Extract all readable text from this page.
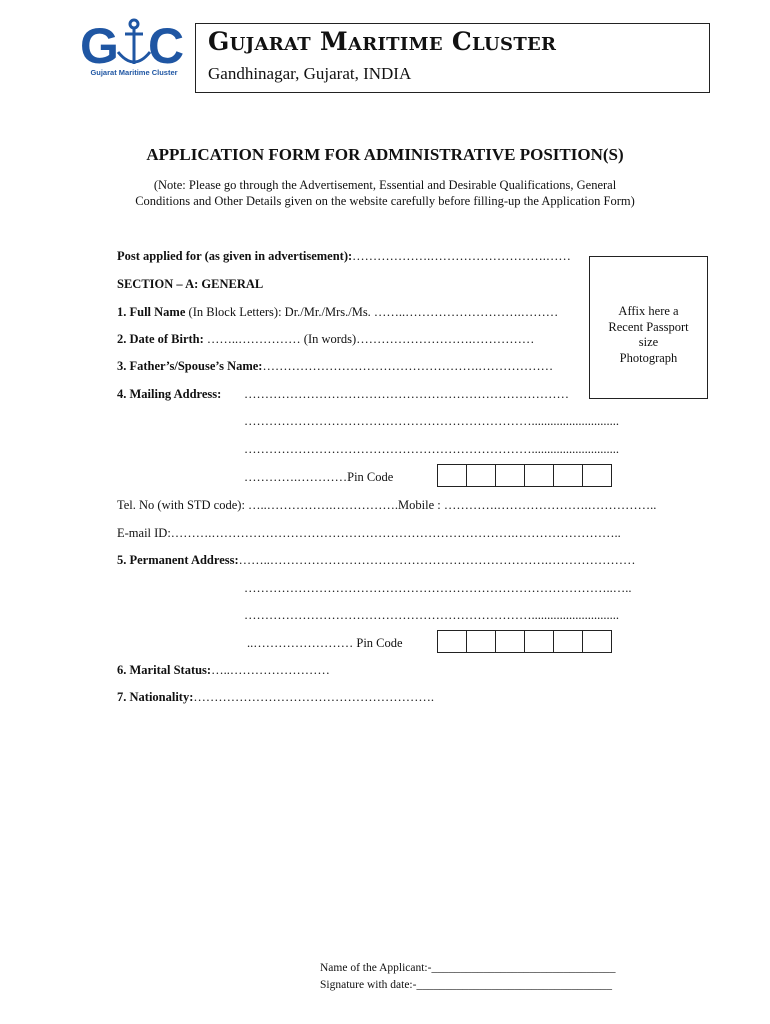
G C
Gujarat Maritime Cluster
Gujarat Maritime Cluster
Gandhinagar, Gujarat, INDIA
APPLICATION FORM FOR ADMINISTRATIVE POSITION(S)
(Note: Please go through the Advertisement, Essential and Desirable Qualifications, General
Conditions and Other Details given on the website carefully before filling-up the Application Form)
Post applied for (as given in advertisement):……………….……………………….……
SECTION – A: GENERAL
Affix here a
Recent Passport
size
Photograph
1. Full Name (In Block Letters): Dr./Mr./Mrs./Ms. ……..……………………….………
2. Date of Birth: ……..…………… (In words)……………………….……………
3. Father’s/Spouse’s Name:…………………………………………….………………
4. Mailing Address: ……………………………………………………………………
……………………………………………………………............................
……………………………………………………………............................
………….…………Pin Code
Tel. No (with STD code): …..…………….…………….Mobile : ………….………………….……………..
E-mail ID:……….……………………………………………………………….……………………..
5. Permanent Address:……..………………………………………………………….…………………
……………………………………………………………………………..…..
……………………………………………………………............................
..…………………… Pin Code
6. Marital Status:…..……………………
7. Nationality:………………………………………………….
Name of the Applicant:-________________________________
Signature with date:-__________________________________
